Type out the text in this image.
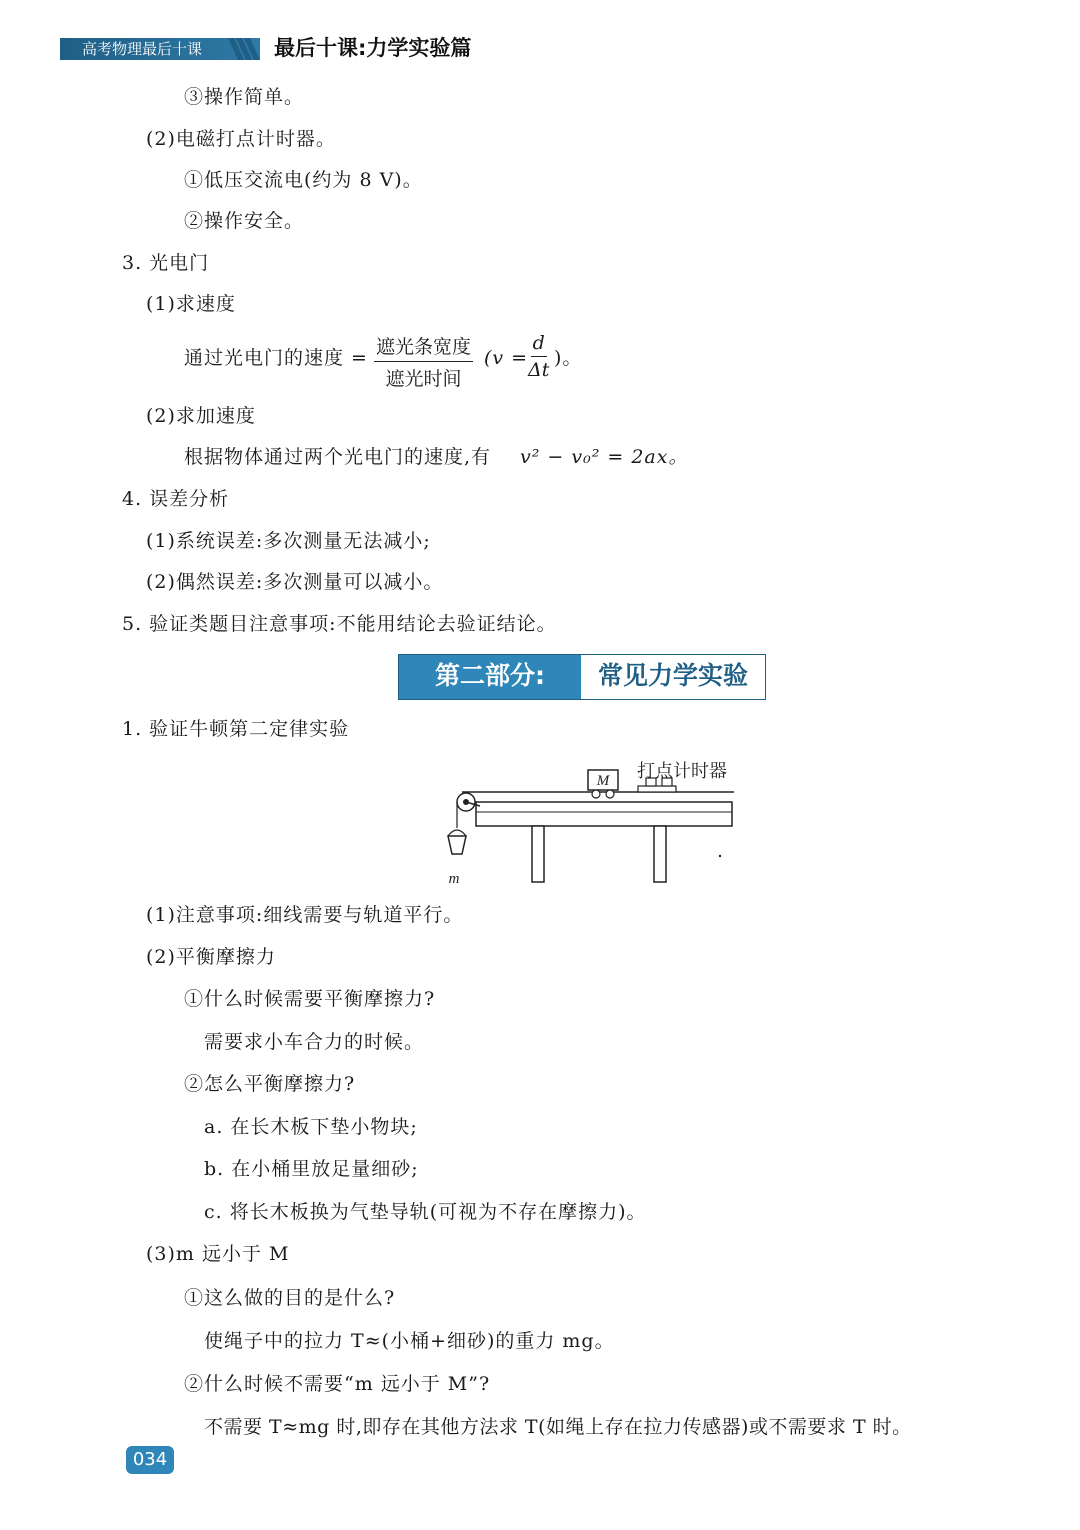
高考物理最后十课	最后十课:力学实验篇
③操作简单。
(2)电磁打点计时器。
①低压交流电(约为 8 V)。
②操作安全。
3. 光电门
(1)求速度
通过光电门的速度 = 遮光条宽度
遮光时间
($v = \frac{d}{\Delta t}$ )。
(2)求加速度
根据物体通过两个光电门的速度,有 v² − v₀² = 2ax。
4. 误差分析
(1)系统误差:多次测量无法减小;
(2)偶然误差:多次测量可以减小。
5. 验证类题目注意事项:不能用结论去验证结论。
第二部分:	常见力学实验
1. 验证牛顿第二定律实验
M 打点计时器
m
(1)注意事项:细线需要与轨道平行。
(2)平衡摩擦力
①什么时候需要平衡摩擦力?
需要求小车合力的时候。
②怎么平衡摩擦力?
a. 在长木板下垫小物块;
b. 在小桶里放足量细砂;
c. 将长木板换为气垫导轨(可视为不存在摩擦力)。
(3)m 远小于 M
①这么做的目的是什么?
使绳子中的拉力 T≈(小桶+细砂)的重力 mg。
②什么时候不需要“m 远小于 M”?
不需要 T≈mg 时,即存在其他方法求 T(如绳上存在拉力传感器)或不需要求 T 时。
034
